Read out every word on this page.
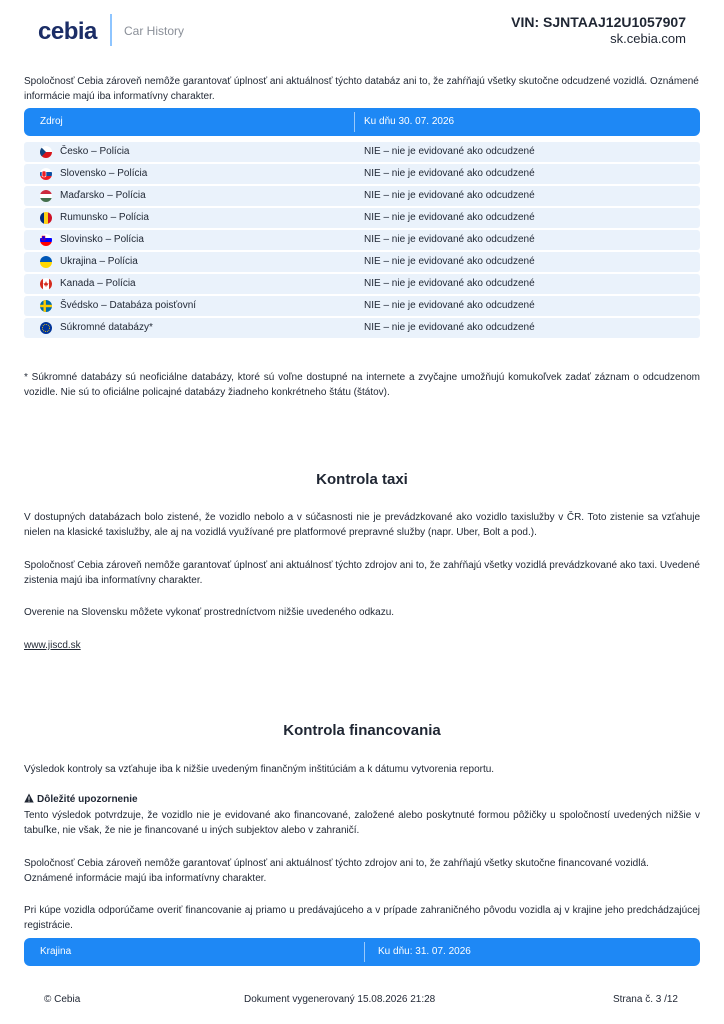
cebia Car History
VIN: SJNTAAJ12U1057907
sk.cebia.com
Spoločnosť Cebia zároveň nemôže garantovať úplnosť ani aktuálnosť týchto databáz ani to, že zahŕňajú všetky skutočne odcudzené vozidlá. Oznámené informácie majú iba informatívny charakter.
Zdroj	Ku dňu 30. 07. 2026
Česko – Polícia	NIE – nie je evidované ako odcudzené
Slovensko – Polícia	NIE – nie je evidované ako odcudzené
Maďarsko – Polícia	NIE – nie je evidované ako odcudzené
Rumunsko – Polícia	NIE – nie je evidované ako odcudzené
Slovinsko – Polícia	NIE – nie je evidované ako odcudzené
Ukrajina – Polícia	NIE – nie je evidované ako odcudzené
Kanada – Polícia	NIE – nie je evidované ako odcudzené
Švédsko – Databáza poisťovní	NIE – nie je evidované ako odcudzené
Súkromné databázy*	NIE – nie je evidované ako odcudzené
* Súkromné databázy sú neoficiálne databázy, ktoré sú voľne dostupné na internete a zvyčajne umožňujú komukoľvek zadať záznam o odcudzenom vozidle. Nie sú to oficiálne policajné databázy žiadneho konkrétneho štátu (štátov).
Kontrola taxi
V dostupných databázach bolo zistené, že vozidlo nebolo a v súčasnosti nie je prevádzkované ako vozidlo taxislužby v ČR. Toto zistenie sa vzťahuje nielen na klasické taxislužby, ale aj na vozidlá využívané pre platformové prepravné služby (napr. Uber, Bolt a pod.).
Spoločnosť Cebia zároveň nemôže garantovať úplnosť ani aktuálnosť týchto zdrojov ani to, že zahŕňajú všetky vozidlá prevádzkované ako taxi. Uvedené zistenia majú iba informatívny charakter.
Overenie na Slovensku môžete vykonať prostredníctvom nižšie uvedeného odkazu.
www.jiscd.sk
Kontrola financovania
Výsledok kontroly sa vzťahuje iba k nižšie uvedeným finančným inštitúciám a k dátumu vytvorenia reportu.
Dôležité upozornenie
Tento výsledok potvrdzuje, že vozidlo nie je evidované ako financované, založené alebo poskytnuté formou pôžičky u spoločností uvedených nižšie v tabuľke, nie však, že nie je financované u iných subjektov alebo v zahraničí.
Spoločnosť Cebia zároveň nemôže garantovať úplnosť ani aktuálnosť týchto zdrojov ani to, že zahŕňajú všetky skutočne financované vozidlá. Oznámené informácie majú iba informatívny charakter.
Pri kúpe vozidla odporúčame overiť financovanie aj priamo u predávajúceho a v prípade zahraničného pôvodu vozidla aj v krajine jeho predchádzajúcej registrácie.
Krajina	Ku dňu: 31. 07. 2026
© Cebia	Dokument vygenerovaný 15.08.2026 21:28	Strana č. 3 /12
